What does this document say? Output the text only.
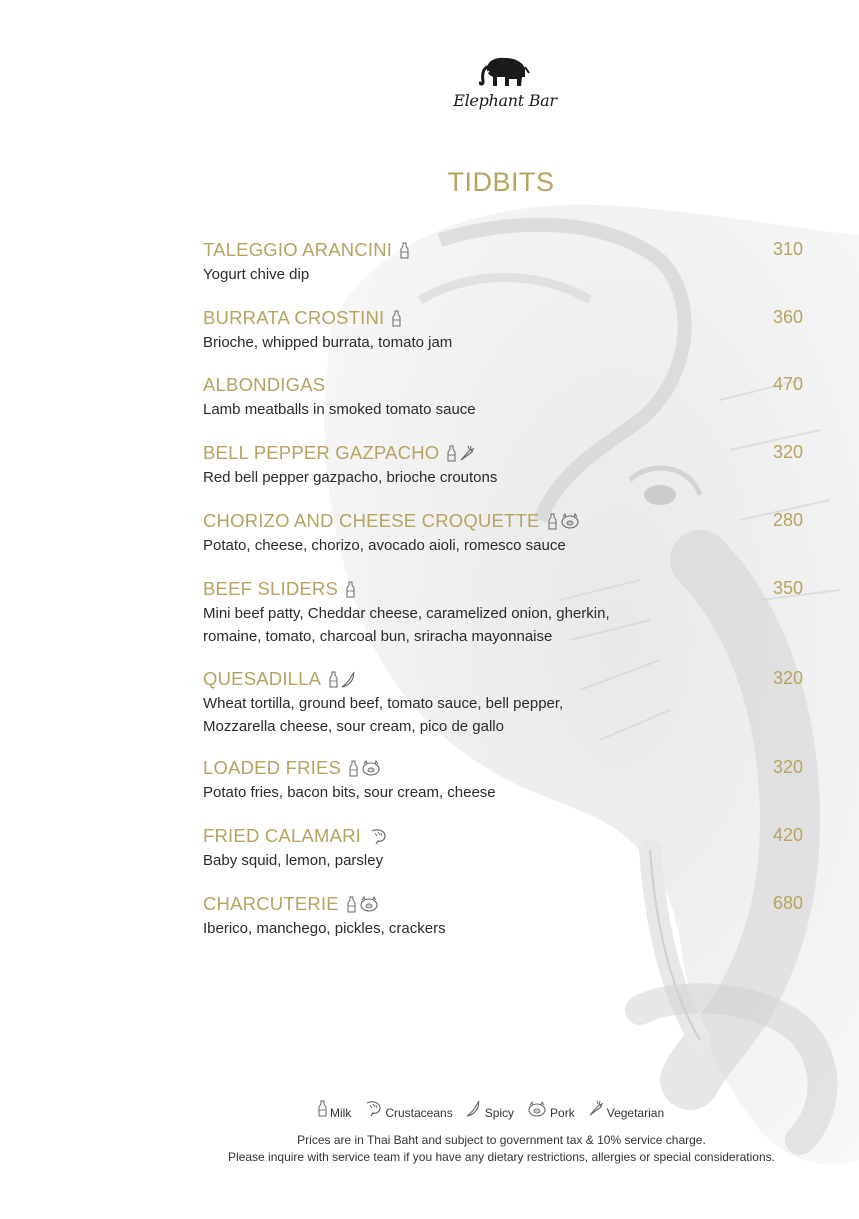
Elephant Bar
TIDBITS
TALEGGIO ARANCINI	310
Yogurt chive dip
BURRATA CROSTINI	360
Brioche, whipped burrata, tomato jam
ALBONDIGAS	470
Lamb meatballs in smoked tomato sauce
BELL PEPPER GAZPACHO	320
Red bell pepper gazpacho, brioche croutons
CHORIZO AND CHEESE CROQUETTE	280
Potato, cheese, chorizo, avocado aioli, romesco sauce
BEEF SLIDERS	350
Mini beef patty, Cheddar cheese, caramelized onion, gherkin,
romaine, tomato, charcoal bun, sriracha mayonnaise
QUESADILLA	320
Wheat tortilla, ground beef, tomato sauce, bell pepper,
Mozzarella cheese, sour cream, pico de gallo
LOADED FRIES	320
Potato fries, bacon bits, sour cream, cheese
FRIED CALAMARI	420
Baby squid, lemon, parsley
CHARCUTERIE	680
Iberico, manchego, pickles, crackers
Milk	Crustaceans	Spicy	Pork	Vegetarian
Prices are in Thai Baht and subject to government tax & 10% service charge.
Please inquire with service team if you have any dietary restrictions, allergies or special considerations.
